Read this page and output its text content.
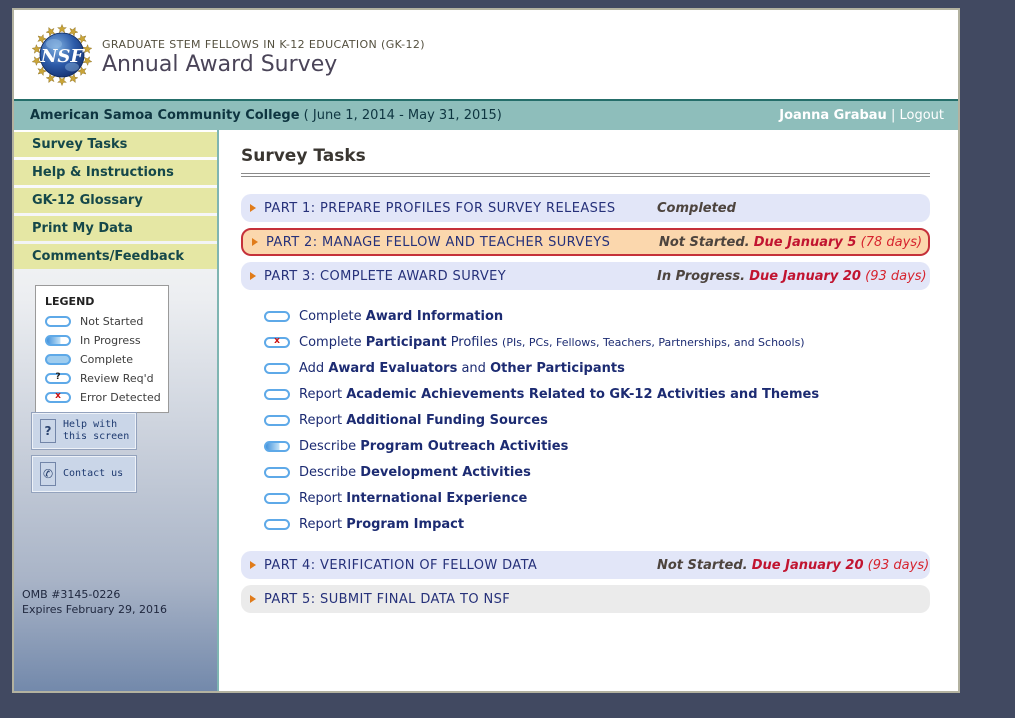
NSF
GRADUATE STEM FELLOWS IN K-12 EDUCATION (GK-12)
Annual Award Survey
American Samoa Community College ( June 1, 2014 - May 31, 2015)	Joanna Grabau | Logout
Survey Tasks
Help & Instructions
GK-12 Glossary
Print My Data
Comments/Feedback
LEGEND
Not Started
In Progress
Complete
? Review Req'd
x Error Detected
? Help with
this screen
✆ Contact us
OMB #3145-0226
Expires February 29, 2016
Survey Tasks
PART 1: PREPARE PROFILES FOR SURVEY RELEASES	Completed
PART 2: MANAGE FELLOW AND TEACHER SURVEYS	Not Started. Due January 5 (78 days)
PART 3: COMPLETE AWARD SURVEY	In Progress. Due January 20 (93 days)
Complete Award Information
x Complete Participant Profiles (PIs, PCs, Fellows, Teachers, Partnerships, and Schools)
Add Award Evaluators and Other Participants
Report Academic Achievements Related to GK-12 Activities and Themes
Report Additional Funding Sources
Describe Program Outreach Activities
Describe Development Activities
Report International Experience
Report Program Impact
PART 4: VERIFICATION OF FELLOW DATA	Not Started. Due January 20 (93 days)
PART 5: SUBMIT FINAL DATA TO NSF
